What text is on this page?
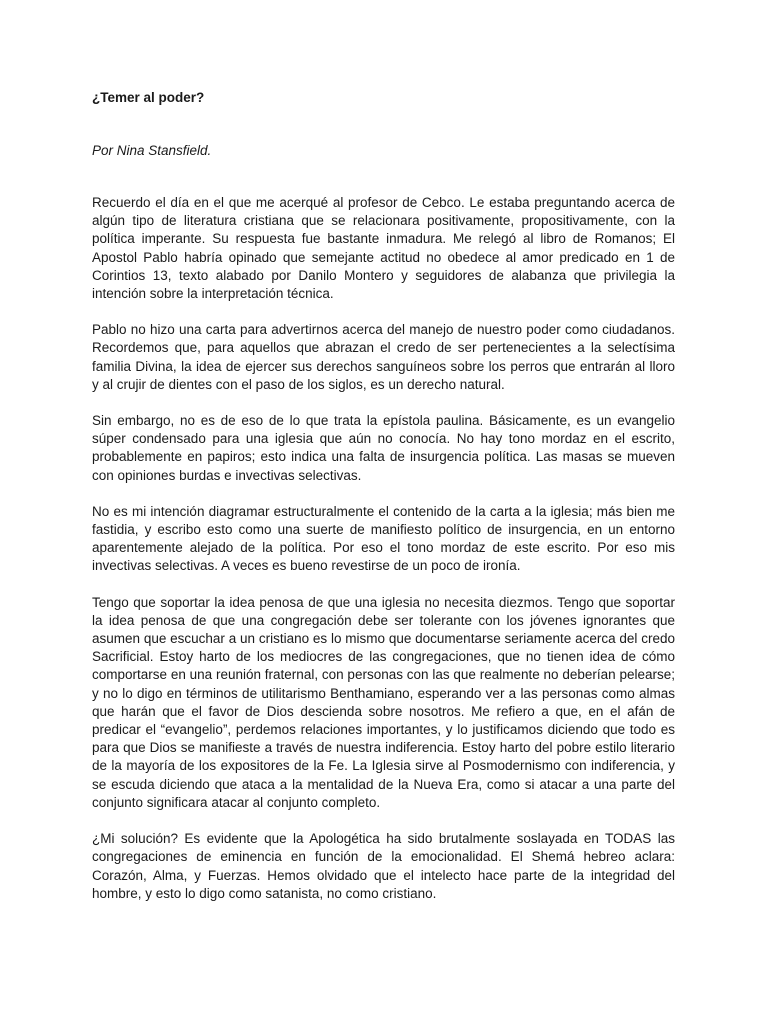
¿Temer al poder?

Por Nina Stansfield.

Recuerdo el día en el que me acerqué al profesor de Cebco. Le estaba preguntando acerca de algún tipo de literatura cristiana que se relacionara positivamente, propositivamente, con la política imperante. Su respuesta fue bastante inmadura. Me relegó al libro de Romanos; El Apostol Pablo habría opinado que semejante actitud no obedece al amor predicado en 1 de Corintios 13, texto alabado por Danilo Montero y seguidores de alabanza que privilegia la intención sobre la interpretación técnica.

Pablo no hizo una carta para advertirnos acerca del manejo de nuestro poder como ciudadanos. Recordemos que, para aquellos que abrazan el credo de ser pertenecientes a la selectísima familia Divina, la idea de ejercer sus derechos sanguíneos sobre los perros que entrarán al lloro y al crujir de dientes con el paso de los siglos, es un derecho natural.

Sin embargo, no es de eso de lo que trata la epístola paulina. Básicamente, es un evangelio súper condensado para una iglesia que aún no conocía. No hay tono mordaz en el escrito, probablemente en papiros; esto indica una falta de insurgencia política. Las masas se mueven con opiniones burdas e invectivas selectivas.

No es mi intención diagramar estructuralmente el contenido de la carta a la iglesia; más bien me fastidia, y escribo esto como una suerte de manifiesto político de insurgencia, en un entorno aparentemente alejado de la política. Por eso el tono mordaz de este escrito. Por eso mis invectivas selectivas. A veces es bueno revestirse de un poco de ironía.

Tengo que soportar la idea penosa de que una iglesia no necesita diezmos. Tengo que soportar la idea penosa de que una congregación debe ser tolerante con los jóvenes ignorantes que asumen que escuchar a un cristiano es lo mismo que documentarse seriamente acerca del credo Sacrificial. Estoy harto de los mediocres de las congregaciones, que no tienen idea de cómo comportarse en una reunión fraternal, con personas con las que realmente no deberían pelearse; y no lo digo en términos de utilitarismo Benthamiano, esperando ver a las personas como almas que harán que el favor de Dios descienda sobre nosotros. Me refiero a que, en el afán de predicar el “evangelio”, perdemos relaciones importantes, y lo justificamos diciendo que todo es para que Dios se manifieste a través de nuestra indiferencia. Estoy harto del pobre estilo literario de la mayoría de los expositores de la Fe. La Iglesia sirve al Posmodernismo con indiferencia, y se escuda diciendo que ataca a la mentalidad de la Nueva Era, como si atacar a una parte del conjunto significara atacar al conjunto completo.

¿Mi solución? Es evidente que la Apologética ha sido brutalmente soslayada en TODAS las congregaciones de eminencia en función de la emocionalidad. El Shemá hebreo aclara: Corazón, Alma, y Fuerzas. Hemos olvidado que el intelecto hace parte de la integridad del hombre, y esto lo digo como satanista, no como cristiano.
